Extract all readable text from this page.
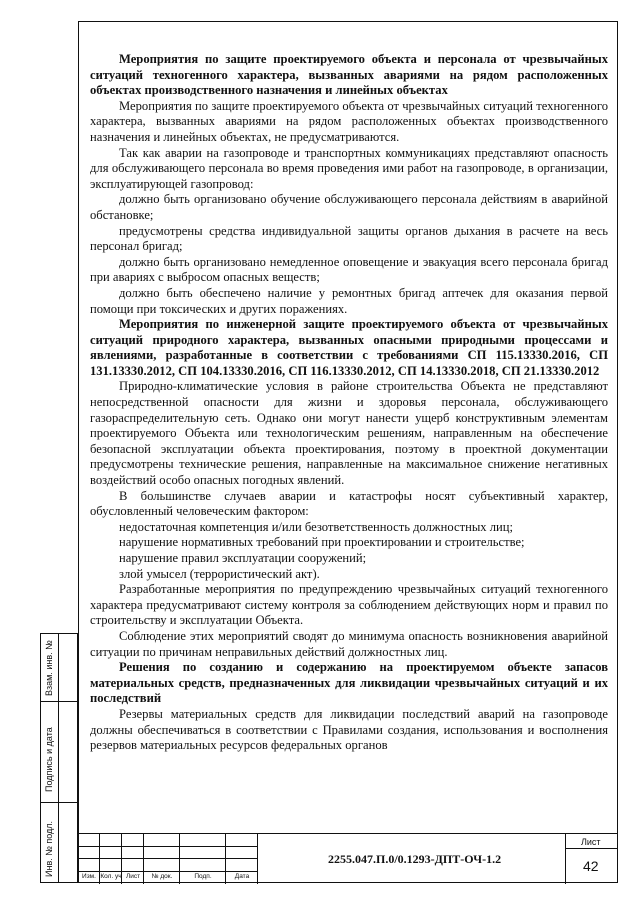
Мероприятия по защите проектируемого объекта и персонала от чрезвычайных ситуаций техногенного характера, вызванных авариями на рядом расположенных объектах производственного назначения и линейных объектах

Мероприятия по защите проектируемого объекта от чрезвычайных ситуаций техногенного характера, вызванных авариями на рядом расположенных объектах производственного назначения и линейных объектах, не предусматриваются.

Так как аварии на газопроводе и транспортных коммуникациях представляют опасность для обслуживающего персонала во время проведения ими работ на газопроводе, в организации, эксплуатирующей газопровод:

должно быть организовано обучение обслуживающего персонала действиям в аварийной обстановке;

предусмотрены средства индивидуальной защиты органов дыхания в расчете на весь персонал бригад;

должно быть организовано немедленное оповещение и эвакуация всего персонала бригад при авариях с выбросом опасных веществ;

должно быть обеспечено наличие у ремонтных бригад аптечек для оказания первой помощи при токсических и других поражениях.

Мероприятия по инженерной защите проектируемого объекта от чрезвычайных ситуаций природного характера, вызванных опасными природными процессами и явлениями, разработанные в соответствии с требованиями СП 115.13330.2016, СП 131.13330.2012, СП 104.13330.2016, СП 116.13330.2012, СП 14.13330.2018, СП 21.13330.2012

Природно-климатические условия в районе строительства Объекта не представляют непосредственной опасности для жизни и здоровья персонала, обслуживающего газораспределительную сеть. Однако они могут нанести ущерб конструктивным элементам проектируемого Объекта или технологическим решениям, направленным на обеспечение безопасной эксплуатации объекта проектирования, поэтому в проектной документации предусмотрены технические решения, направленные на максимальное снижение негативных воздействий особо опасных погодных явлений.

В большинстве случаев аварии и катастрофы носят субъективный характер, обусловленный человеческим фактором:

недостаточная компетенция и/или безответственность должностных лиц;

нарушение нормативных требований при проектировании и строительстве;

нарушение правил эксплуатации сооружений;

злой умысел (террористический акт).

Разработанные мероприятия по предупреждению чрезвычайных ситуаций техногенного характера предусматривают систему контроля за соблюдением действующих норм и правил по строительству и эксплуатации Объекта.

Соблюдение этих мероприятий сводят до минимума опасность возникновения аварийной ситуации по причинам неправильных действий должностных лиц.

Решения по созданию и содержанию на проектируемом объекте запасов материальных средств, предназначенных для ликвидации чрезвычайных ситуаций и их последствий

Резервы материальных средств для ликвидации последствий аварий на газопроводе должны обеспечиваться в соответствии с Правилами создания, использования и восполнения резервов материальных ресурсов федеральных органов

Взам. инв. №
Подпись и дата
Инв. № подл.	Изм. Кол. уч Лист	№ док.	Подп.	Дата
2255.047.П.0/0.1293-ДПТ-ОЧ-1.2
Лист
42
